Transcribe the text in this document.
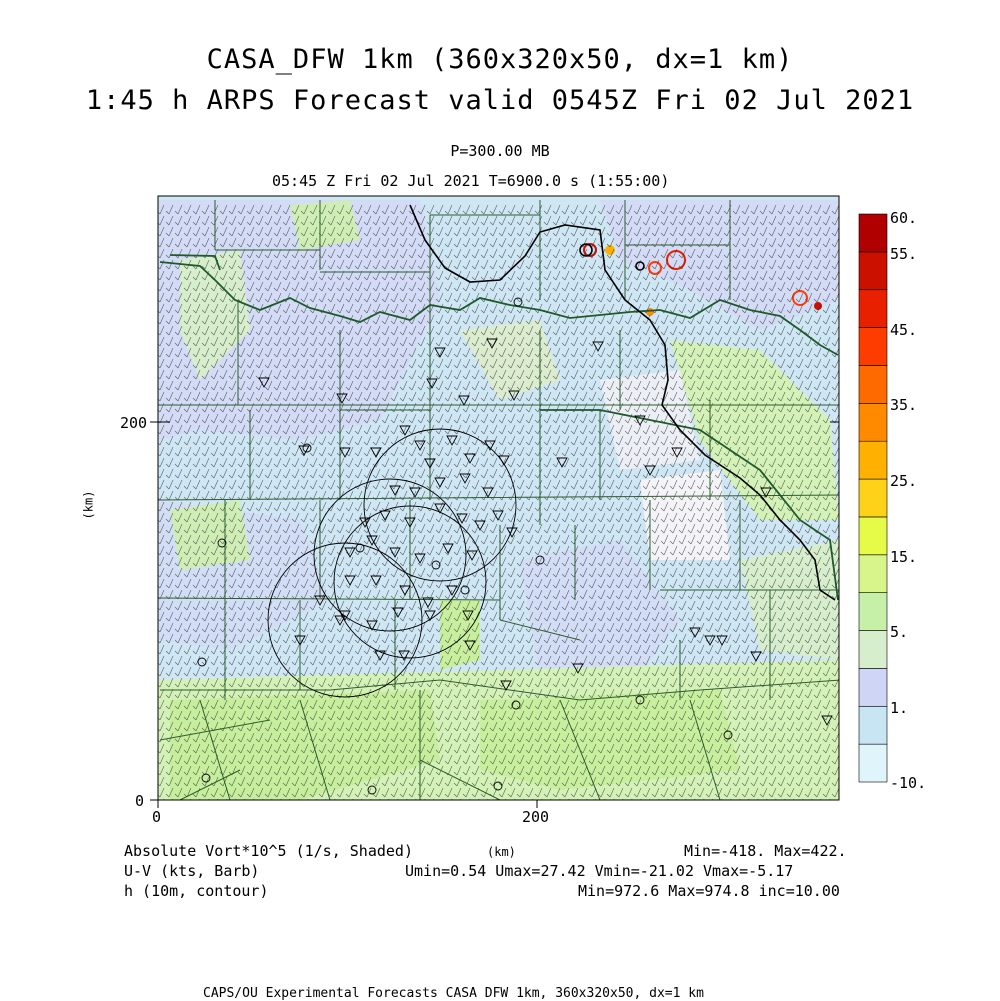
CASA_DFW 1km (360x320x50, dx=1 km)
1:45 h ARPS Forecast valid 0545Z Fri 02 Jul 2021
P=300.00 MB
05:45 Z Fri 02 Jul 2021 T=6900.0 s (1:55:00)
0
200
0	200
(km)
(km)
60.
55.
45.
35.
25.
15.
5.
1.
-10.
Absolute Vort*10^5 (1/s, Shaded)
U-V (kts, Barb)
h (10m, contour)
Min=-418. Max=422.
Umin=0.54 Umax=27.42 Vmin=-21.02 Vmax=-5.17
Min=972.6 Max=974.8 inc=10.00
CAPS/OU Experimental Forecasts CASA DFW 1km, 360x320x50, dx=1 km
